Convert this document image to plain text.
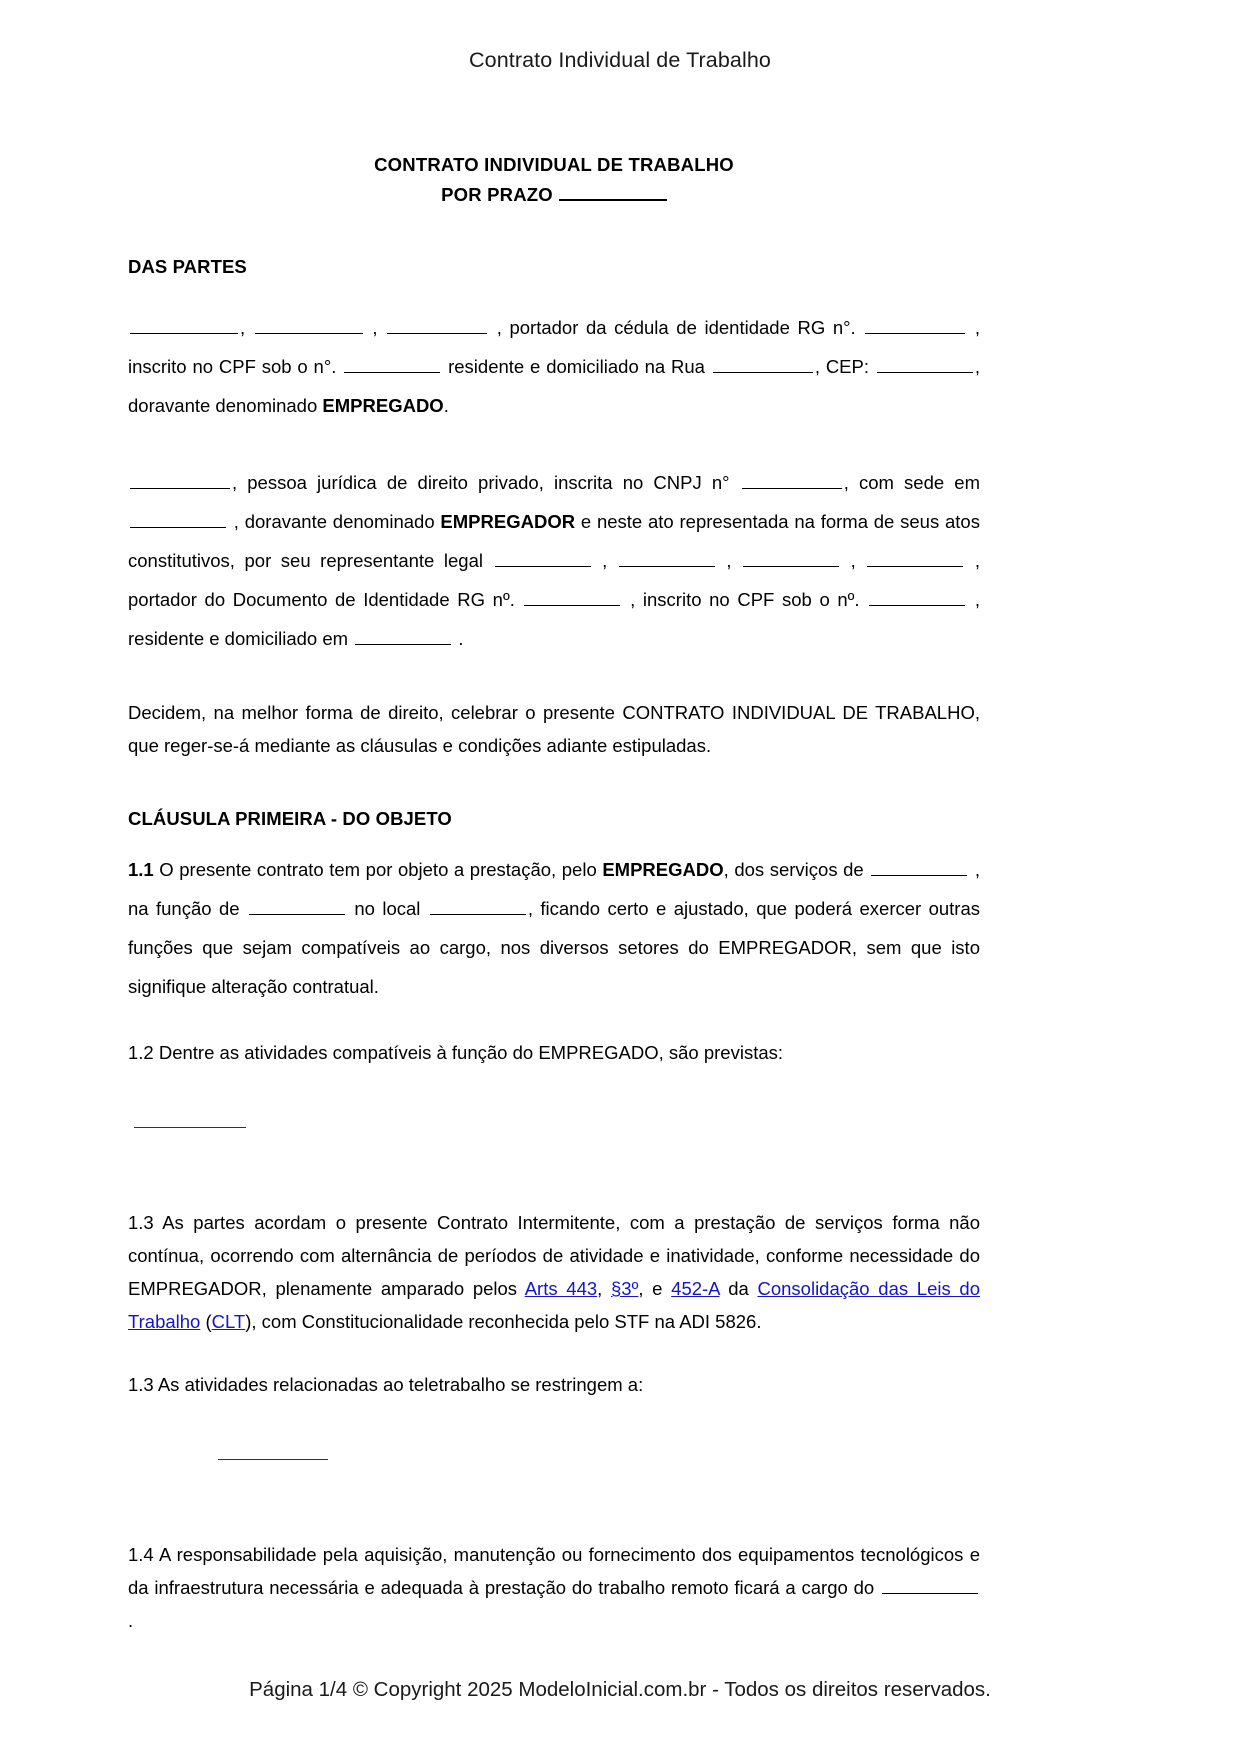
Contrato Individual de Trabalho
CONTRATO INDIVIDUAL DE TRABALHO
POR PRAZO
DAS PARTES

,	,	, portador da cédula de identidade RG n°.	, inscrito no CPF sob o n°.	residente e domiciliado na Rua	, CEP:	, doravante denominado EMPREGADO.

, pessoa jurídica de direito privado, inscrita no CNPJ n°	, com sede em  , doravante denominado EMPREGADOR e neste ato representada na forma de seus atos constitutivos, por seu representante legal	,	,	,	, portador do Documento de Identidade RG nº.	, inscrito no CPF sob o nº.	, residente e domiciliado em	.

Decidem, na melhor forma de direito, celebrar o presente CONTRATO INDIVIDUAL DE TRABALHO, que reger-se-á mediante as cláusulas e condições adiante estipuladas.

CLÁUSULA PRIMEIRA - DO OBJETO

1.1 O presente contrato tem por objeto a prestação, pelo EMPREGADO, dos serviços de	, na função de	no local	, ficando certo e ajustado, que poderá exercer outras funções que sejam compatíveis ao cargo, nos diversos setores do EMPREGADOR, sem que isto signifique alteração contratual.

1.2 Dentre as atividades compatíveis à função do EMPREGADO, são previstas:

1.3 As partes acordam o presente Contrato Intermitente, com a prestação de serviços forma não contínua, ocorrendo com alternância de períodos de atividade e inatividade, conforme necessidade do EMPREGADOR, plenamente amparado pelos Arts 443, §3º, e 452-A da Consolidação das Leis do Trabalho (CLT), com Constitucionalidade reconhecida pelo STF na ADI 5826.

1.3 As atividades relacionadas ao teletrabalho se restringem a:

1.4 A responsabilidade pela aquisição, manutenção ou fornecimento dos equipamentos tecnológicos e da infraestrutura necessária e adequada à prestação do trabalho remoto ficará a cargo do  .

Página 1/4 © Copyright 2025 ModeloInicial.com.br - Todos os direitos reservados.
